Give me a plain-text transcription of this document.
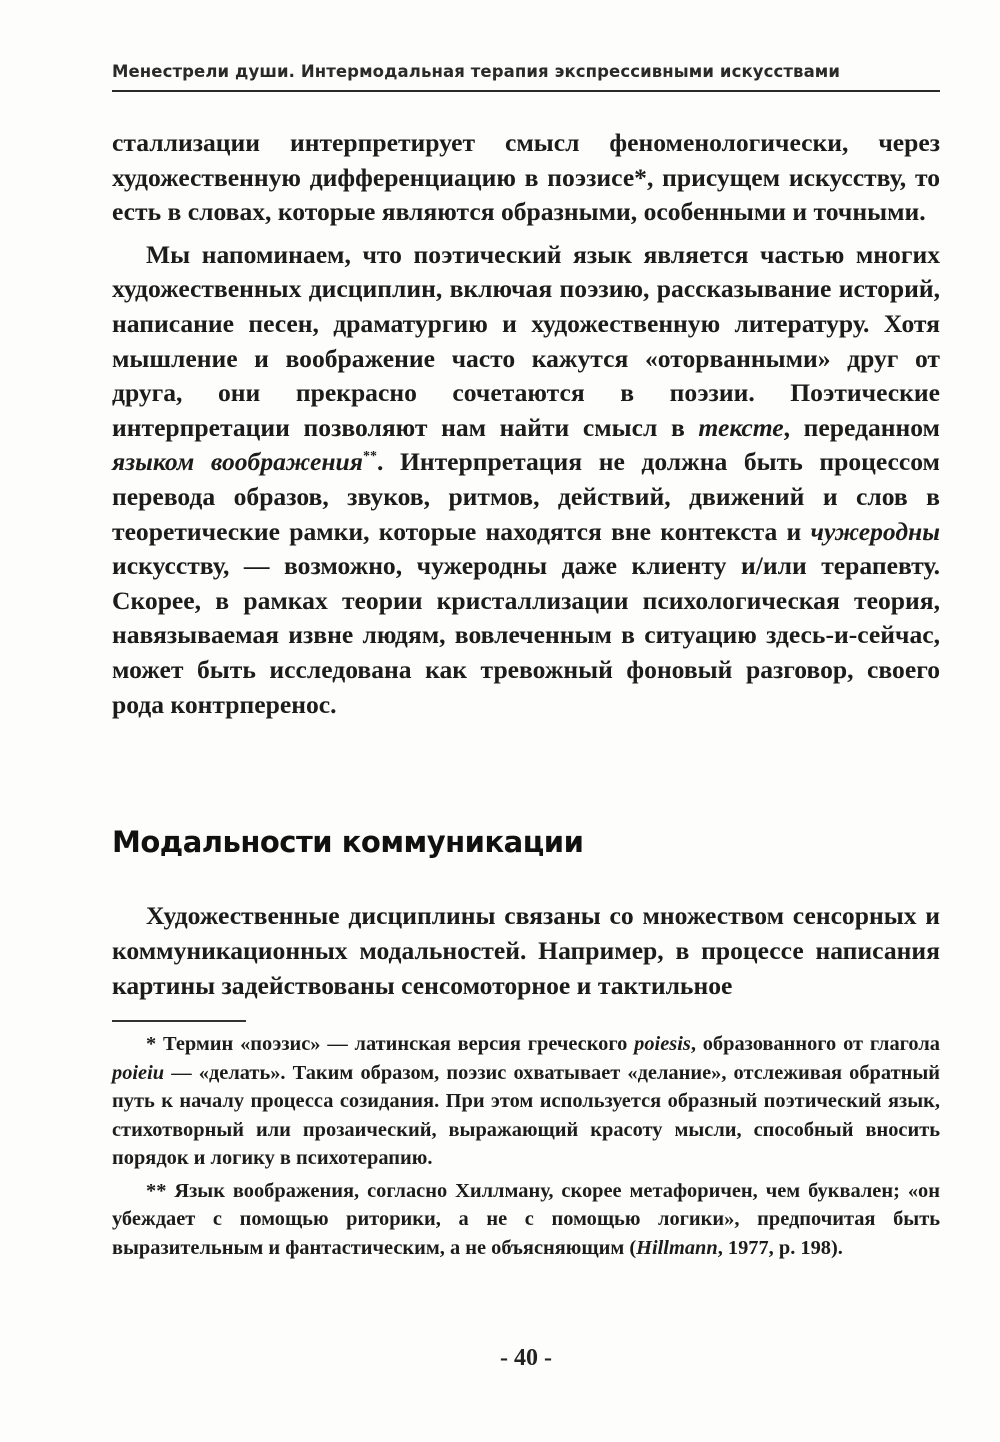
Менестрели души. Интермодальная терапия экспрессивными искусствами

сталлизации интерпретирует смысл феноменологически, через художественную дифференциацию в поэзисе*, присущем искусству, то есть в словах, которые являются образными, особенными и точными.

Мы напоминаем, что поэтический язык является частью многих художественных дисциплин, включая поэзию, рассказывание историй, написание песен, драматургию и художественную литературу. Хотя мышление и воображение часто кажутся «оторванными» друг от друга, они прекрасно сочетаются в поэзии. Поэтические интерпретации позволяют нам найти смысл в тексте, переданном языком воображения**. Интерпретация не должна быть процессом перевода образов, звуков, ритмов, действий, движений и слов в теоретические рамки, которые находятся вне контекста и чужеродны искусству, — возможно, чужеродны даже клиенту и/или терапевту. Скорее, в рамках теории кристаллизации психологическая теория, навязываемая извне людям, вовлеченным в ситуацию здесь-и-сейчас, может быть исследована как тревожный фоновый разговор, своего рода контрперенос.

Модальности коммуникации

Художественные дисциплины связаны со множеством сенсорных и коммуникационных модальностей. Например, в процессе написания картины задействованы сенсомоторное и тактильное

* Термин «поэзис» — латинская версия греческого poiesis, образованного от глагола poieiu — «делать». Таким образом, поэзис охватывает «делание», отслеживая обратный путь к началу процесса созидания. При этом используется образный поэтический язык, стихотворный или прозаический, выражающий красоту мысли, способный вносить порядок и логику в психотерапию.

** Язык воображения, согласно Хиллману, скорее метафоричен, чем буквален; «он убеждает с помощью риторики, а не с помощью логики», предпочитая быть выразительным и фантастическим, а не объясняющим (Hillmann, 1977, p. 198).

- 40 -
